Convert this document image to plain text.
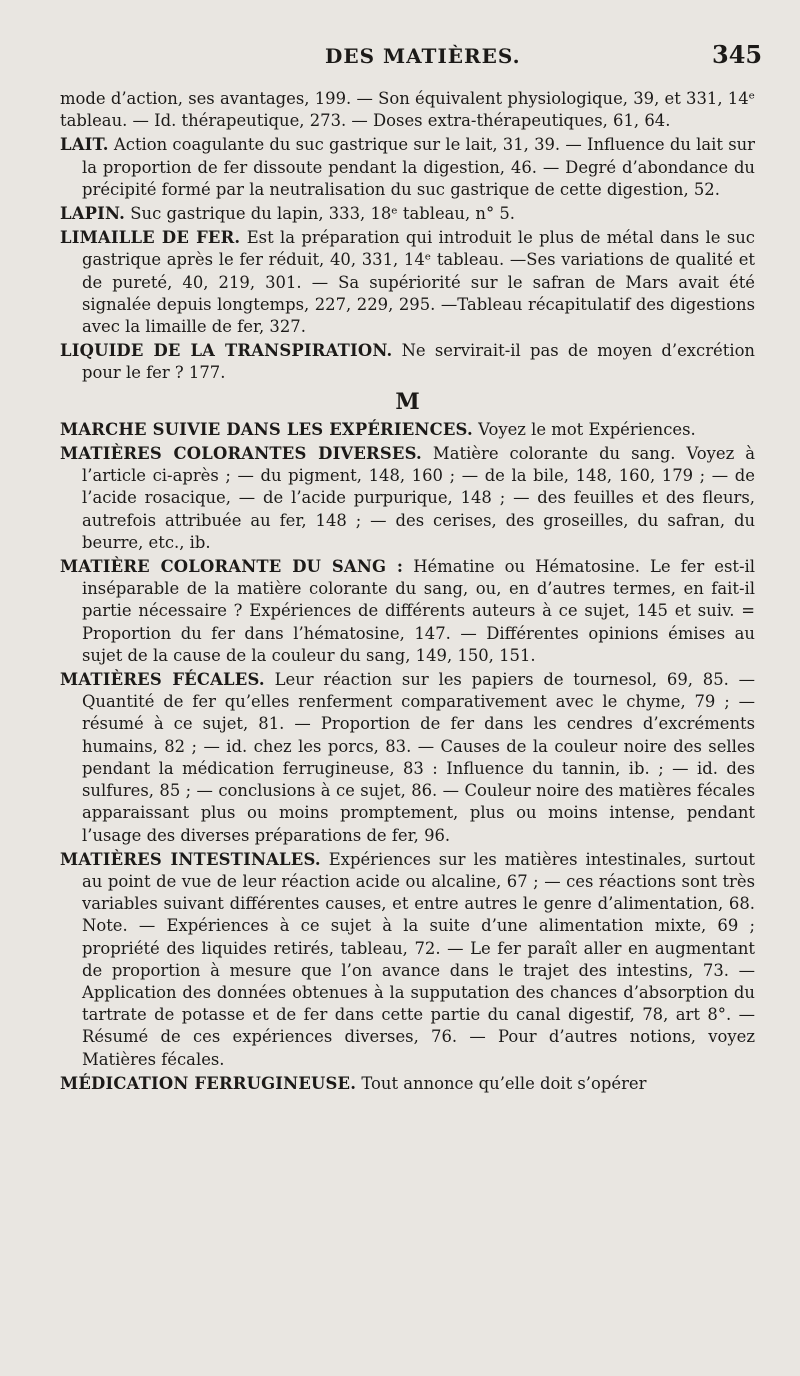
DES MATIÈRES.	345

mode d’action, ses avantages, 199. — Son équivalent physiologique, 39, et 331, 14ᵉ tableau. — Id. thérapeutique, 273. — Doses extra-thérapeutiques, 61, 64.

LAIT. Action coagulante du suc gastrique sur le lait, 31, 39. — Influence du lait sur la proportion de fer dissoute pendant la digestion, 46. — Degré d’abondance du précipité formé par la neutralisation du suc gastrique de cette digestion, 52.

LAPIN. Suc gastrique du lapin, 333, 18ᵉ tableau, n° 5.

LIMAILLE DE FER. Est la préparation qui introduit le plus de métal dans le suc gastrique après le fer réduit, 40, 331, 14ᵉ tableau. —Ses variations de qualité et de pureté, 40, 219, 301. — Sa supériorité sur le safran de Mars avait été signalée depuis longtemps, 227, 229, 295. —Tableau récapitulatif des digestions avec la limaille de fer, 327.

LIQUIDE DE LA TRANSPIRATION. Ne servirait-il pas de moyen d’excrétion pour le fer ? 177.

M

MARCHE SUIVIE DANS LES EXPÉRIENCES. Voyez le mot Expériences.

MATIÈRES COLORANTES DIVERSES. Matière colorante du sang. Voyez à l’article ci-après ; — du pigment, 148, 160 ; — de la bile, 148, 160, 179 ; — de l’acide rosacique, — de l’acide purpurique, 148 ; — des feuilles et des fleurs, autrefois attribuée au fer, 148 ; — des cerises, des groseilles, du safran, du beurre, etc., ib.

MATIÈRE COLORANTE DU SANG : Hématine ou Hématosine. Le fer est-il inséparable de la matière colorante du sang, ou, en d’autres termes, en fait-il partie nécessaire ? Expériences de différents auteurs à ce sujet, 145 et suiv. = Proportion du fer dans l’hématosine, 147. — Différentes opinions émises au sujet de la cause de la couleur du sang, 149, 150, 151.

MATIÈRES FÉCALES. Leur réaction sur les papiers de tournesol, 69, 85. — Quantité de fer qu’elles renferment comparativement avec le chyme, 79 ; — résumé à ce sujet, 81. — Proportion de fer dans les cendres d’excréments humains, 82 ; — id. chez les porcs, 83. — Causes de la couleur noire des selles pendant la médication ferrugineuse, 83 : Influence du tannin, ib. ; — id. des sulfures, 85 ; — conclusions à ce sujet, 86. — Couleur noire des matières fécales apparaissant plus ou moins promptement, plus ou moins intense, pendant l’usage des diverses préparations de fer, 96.

MATIÈRES INTESTINALES. Expériences sur les matières intestinales, surtout au point de vue de leur réaction acide ou alcaline, 67 ; — ces réactions sont très variables suivant différentes causes, et entre autres le genre d’alimentation, 68. Note. — Expériences à ce sujet à la suite d’une alimentation mixte, 69 ; propriété des liquides retirés, tableau, 72. — Le fer paraît aller en augmentant de proportion à mesure que l’on avance dans le trajet des intestins, 73. — Application des données obtenues à la supputation des chances d’absorption du tartrate de potasse et de fer dans cette partie du canal digestif, 78, art 8°. — Résumé de ces expériences diverses, 76. — Pour d’autres notions, voyez Matières fécales.

MÉDICATION FERRUGINEUSE. Tout annonce qu’elle doit s’opérer
